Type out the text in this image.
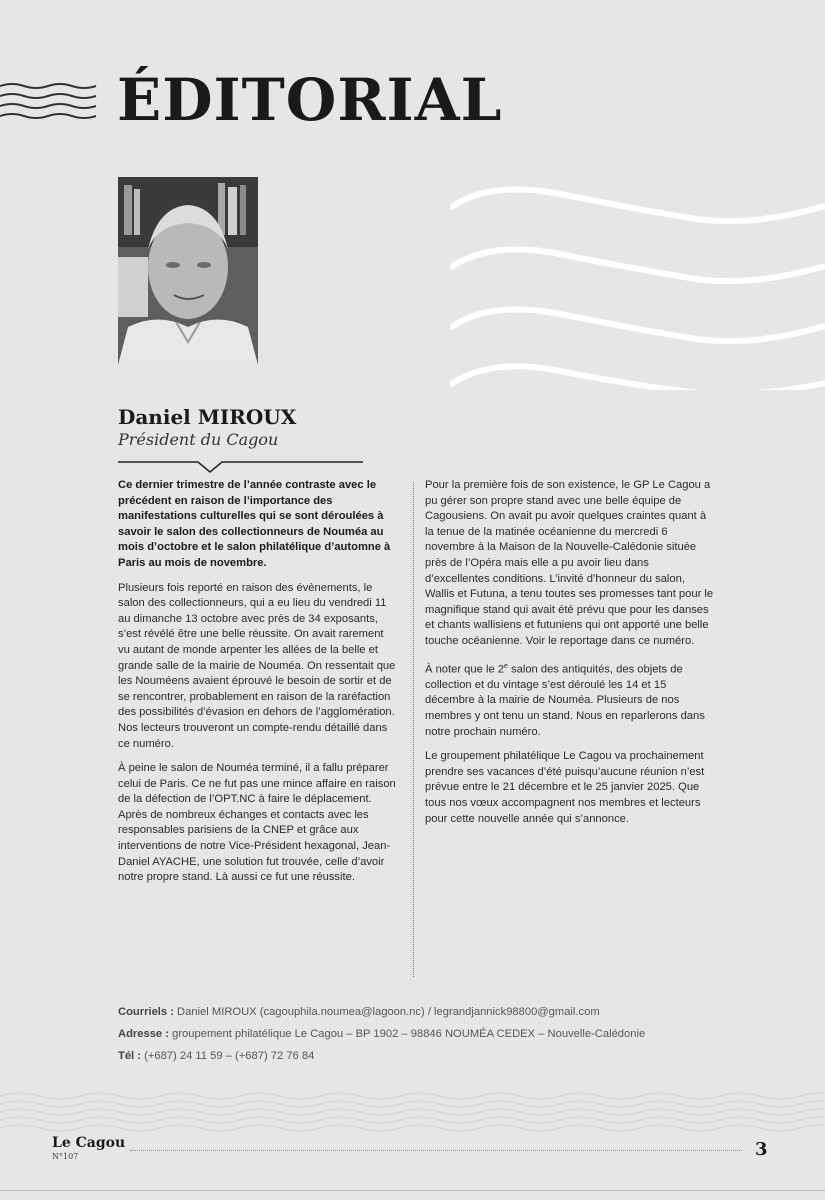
ÉDITORIAL
Daniel MIROUX
Président du Cagou

Ce dernier trimestre de l’année contraste avec le précédent en raison de l’importance des manifestations culturelles qui se sont déroulées à savoir le salon des collectionneurs de Nouméa au mois d’octobre et le salon philatélique d’automne à Paris au mois de novembre.

Plusieurs fois reporté en raison des évènements, le salon des collectionneurs, qui a eu lieu du vendredi 11 au dimanche 13 octobre avec près de 34 exposants, s’est révélé être une belle réussite. On avait rarement vu autant de monde arpenter les allées de la belle et grande salle de la mairie de Nouméa. On ressentait que les Nouméens avaient éprouvé le besoin de sortir et de se rencontrer, probablement en raison de la raréfaction des possibilités d’évasion en dehors de l’agglomération. Nos lecteurs trouveront un compte-rendu détaillé dans ce numéro.

À peine le salon de Nouméa terminé, il a fallu préparer celui de Paris. Ce ne fut pas une mince affaire en raison de la défection de l’OPT.NC à faire le déplacement. Après de nombreux échanges et contacts avec les responsables parisiens de la CNEP et grâce aux interventions de notre Vice-Président hexagonal, Jean-Daniel AYACHE, une solution fut trouvée, celle d’avoir notre propre stand. Là aussi ce fut une réussite.

Pour la première fois de son existence, le GP Le Cagou a pu gérer son propre stand avec une belle équipe de Cagousiens. On avait pu avoir quelques craintes quant à la tenue de la matinée océanienne du mercredi 6 novembre à la Maison de la Nouvelle-Calédonie située près de l’Opéra mais elle a pu avoir lieu dans d’excellentes conditions. L’invité d’honneur du salon, Wallis et Futuna, a tenu toutes ses promesses tant pour le magnifique stand qui avait été prévu que pour les danses et chants wallisiens et futuniens qui ont apporté une belle touche océanienne. Voir le reportage dans ce numéro.

À noter que le 2e salon des antiquités, des objets de collection et du vintage s’est déroulé les 14 et 15 décembre à la mairie de Nouméa. Plusieurs de nos membres y ont tenu un stand. Nous en reparlerons dans notre prochain numéro.

Le groupement philatélique Le Cagou va prochainement prendre ses vacances d’été puisqu’aucune réunion n’est prévue entre le 21 décembre et le 25 janvier 2025. Que tous nos vœux accompagnent nos membres et lecteurs pour cette nouvelle année qui s’annonce.

Courriels : Daniel MIROUX (cagouphila.noumea@lagoon.nc) / legrandjannick98800@gmail.com
Adresse : groupement philatélique Le Cagou – BP 1902 – 98846 NOUMÉA CEDEX – Nouvelle-Calédonie
Tél : (+687) 24 11 59 – (+687) 72 76 84
Le Cagou
N°107	3
